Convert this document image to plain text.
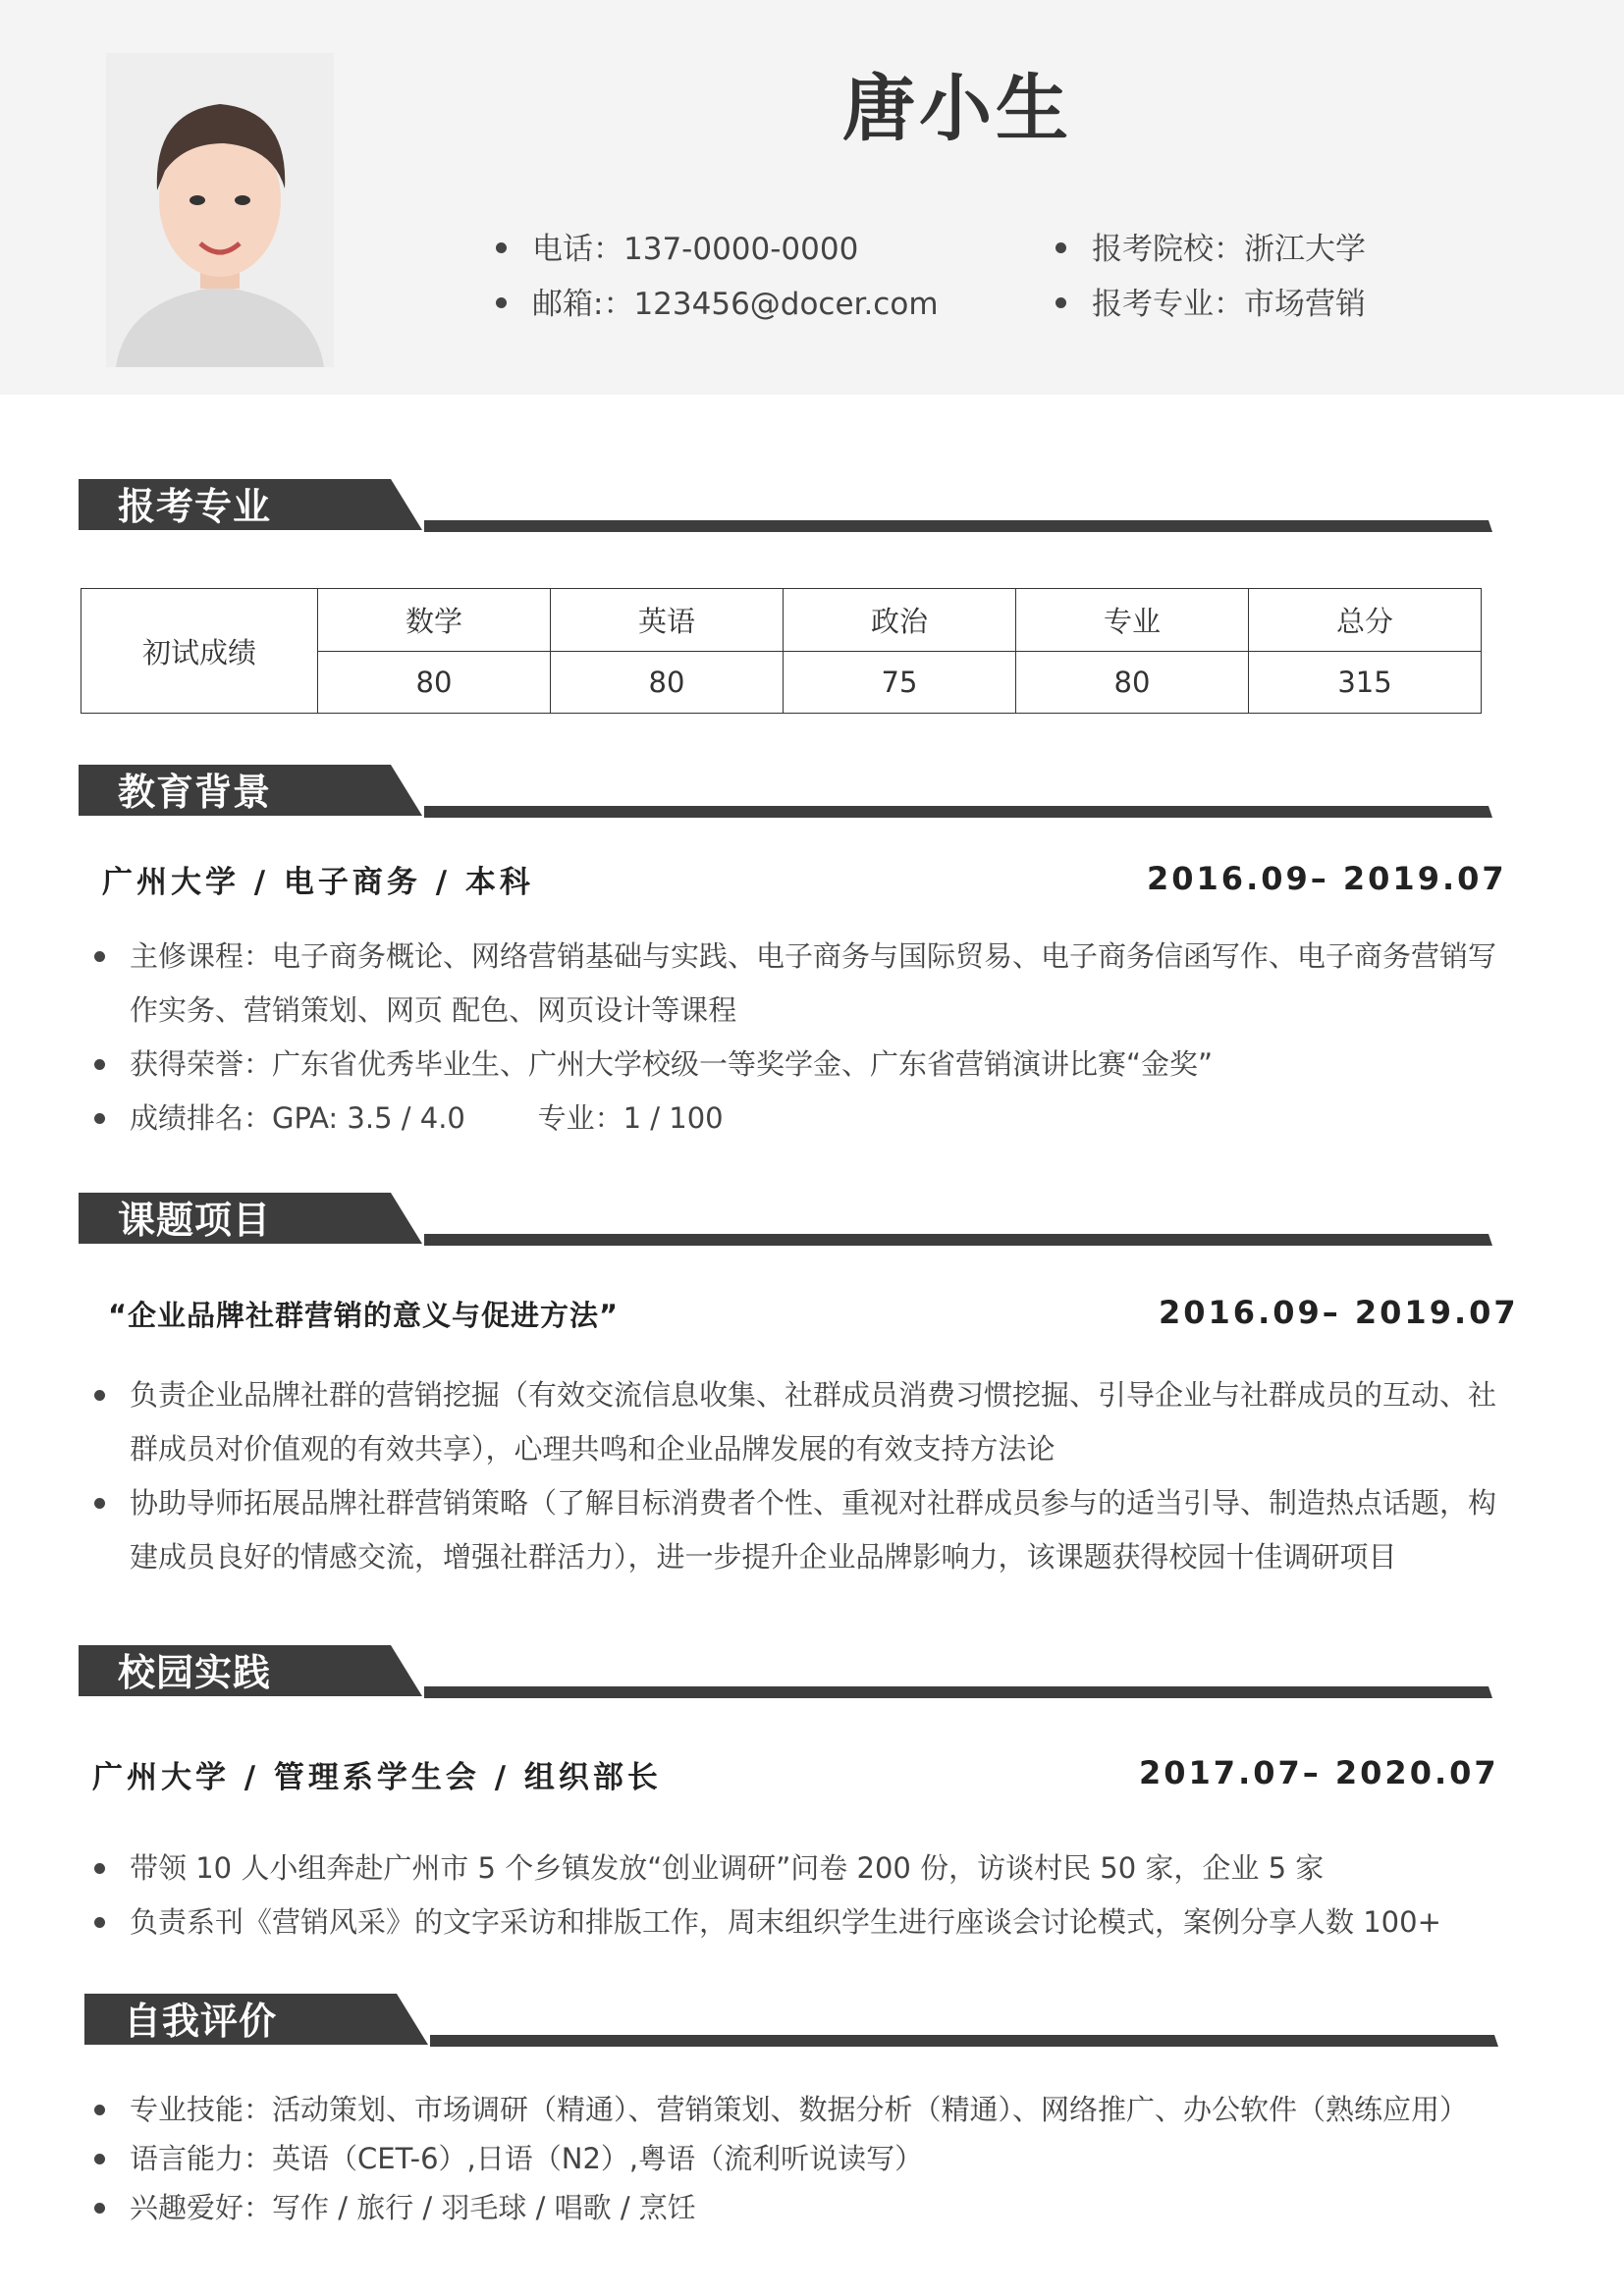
唐小生
电话：137-0000-0000
邮箱:：123456@docer.com
报考院校：浙江大学
报考专业：市场营销
报考专业
初试成绩	数学	英语	政治	专业	总分
	80	80	75	80	315
教育背景
广州大学 / 电子商务 / 本科	2016.09– 2019.07
主修课程：电子商务概论、网络营销基础与实践、电子商务与国际贸易、电子商务信函写作、电子商务营销写作实务、营销策划、网页 配色、网页设计等课程
获得荣誉：广东省优秀毕业生、广州大学校级一等奖学金、广东省营销演讲比赛“金奖”
成绩排名：GPA: 3.5 / 4.0        专业：1 / 100
课题项目
“企业品牌社群营销的意义与促进方法”	2016.09– 2019.07
负责企业品牌社群的营销挖掘（有效交流信息收集、社群成员消费习惯挖掘、引导企业与社群成员的互动、社群成员对价值观的有效共享），心理共鸣和企业品牌发展的有效支持方法论
协助导师拓展品牌社群营销策略（了解目标消费者个性、重视对社群成员参与的适当引导、制造热点话题，构建成员良好的情感交流，增强社群活力），进一步提升企业品牌影响力，该课题获得校园十佳调研项目
校园实践
广州大学 / 管理系学生会 / 组织部长	2017.07– 2020.07
带领 10 人小组奔赴广州市 5 个乡镇发放“创业调研”问卷 200 份，访谈村民 50 家，企业 5 家
负责系刊《营销风采》的文字采访和排版工作，周末组织学生进行座谈会讨论模式，案例分享人数 100+
自我评价
专业技能：活动策划、市场调研（精通）、营销策划、数据分析（精通）、网络推广、办公软件（熟练应用）
语言能力：英语（CET-6）,日语（N2）,粤语（流利听说读写）
兴趣爱好：写作 / 旅行 / 羽毛球 / 唱歌 / 烹饪
